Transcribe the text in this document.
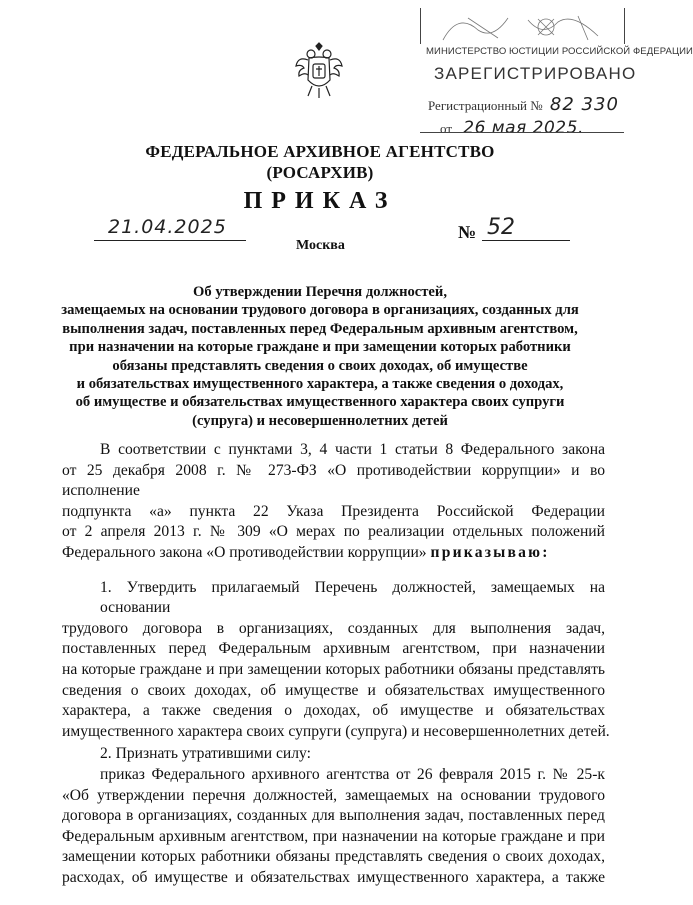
МИНИСТЕРСТВО ЮСТИЦИИ РОССИЙСКОЙ ФЕДЕРАЦИИ
ЗАРЕГИСТРИРОВАНО
Регистрационный № 82 330
от 26 мая 2025.
ФЕДЕРАЛЬНОЕ АРХИВНОЕ АГЕНТСТВО
(РОСАРХИВ)
ПРИКАЗ
21.04.2025
Москва
№ 52
Об утверждении Перечня должностей,
замещаемых на основании трудового договора в организациях, созданных для
выполнения задач, поставленных перед Федеральным архивным агентством,
при назначении на которые граждане и при замещении которых работники
обязаны представлять сведения о своих доходах, об имуществе
и обязательствах имущественного характера, а также сведения о доходах,
об имуществе и обязательствах имущественного характера своих супруги
(супруга) и несовершеннолетних детей
В соответствии с пунктами 3, 4 части 1 статьи 8 Федерального закона
от 25 декабря 2008 г. № 273-ФЗ «О противодействии коррупции» и во исполнение
подпункта «а» пункта 22 Указа Президента Российской Федерации
от 2 апреля 2013 г. № 309 «О мерах по реализации отдельных положений
Федерального закона «О противодействии коррупции» приказываю:
1. Утвердить прилагаемый Перечень должностей, замещаемых на основании
трудового договора в организациях, созданных для выполнения задач,
поставленных перед Федеральным архивным агентством, при назначении
на которые граждане и при замещении которых работники обязаны представлять
сведения о своих доходах, об имуществе и обязательствах имущественного
характера, а также сведения о доходах, об имуществе и обязательствах
имущественного характера своих супруги (супруга) и несовершеннолетних детей.
2. Признать утратившими силу:
приказ Федерального архивного агентства от 26 февраля 2015 г. № 25-к
«Об утверждении перечня должностей, замещаемых на основании трудового
договора в организациях, созданных для выполнения задач, поставленных перед
Федеральным архивным агентством, при назначении на которые граждане и при
замещении которых работники обязаны представлять сведения о своих доходах,
расходах, об имуществе и обязательствах имущественного характера, а также
